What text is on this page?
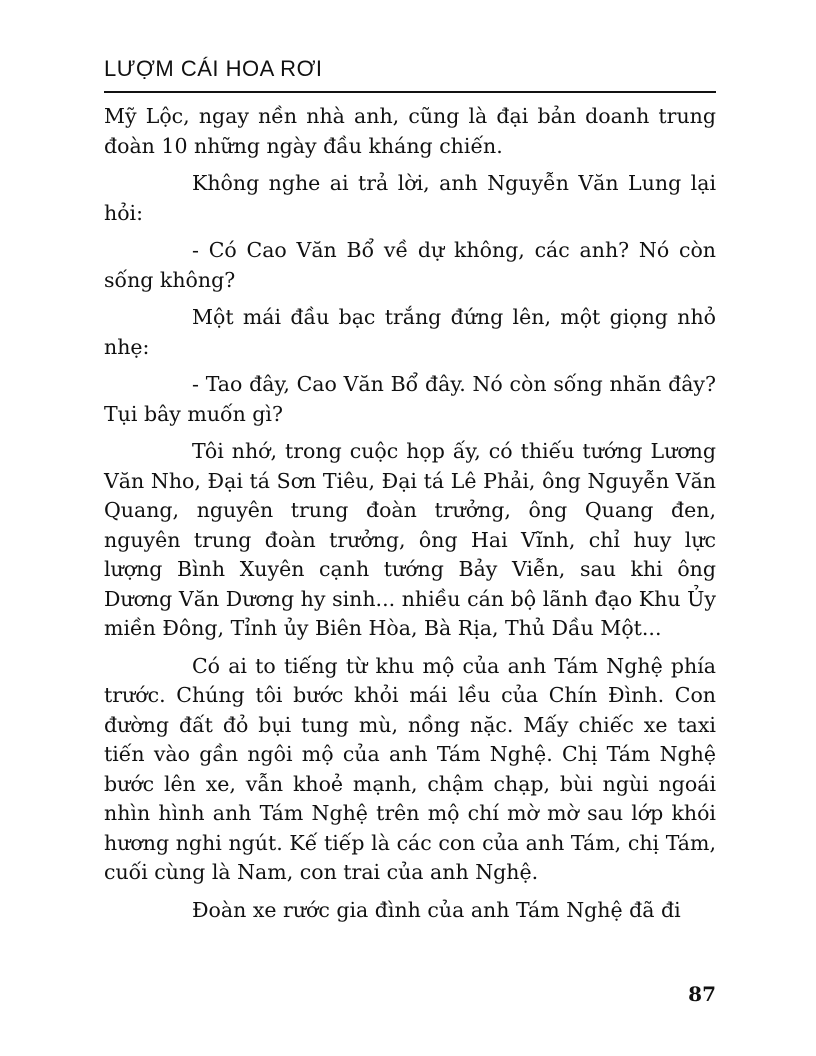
LƯỢM CÁI HOA RƠI

Mỹ Lộc, ngay nền nhà anh, cũng là đại bản doanh trung đoàn 10 những ngày đầu kháng chiến.

Không nghe ai trả lời, anh Nguyễn Văn Lung lại hỏi:

- Có Cao Văn Bổ về dự không, các anh? Nó còn sống không?

Một mái đầu bạc trắng đứng lên, một giọng nhỏ nhẹ:

- Tao đây, Cao Văn Bổ đây. Nó còn sống nhăn đây? Tụi bây muốn gì?

Tôi nhớ, trong cuộc họp ấy, có thiếu tướng Lương Văn Nho, Đại tá Sơn Tiêu, Đại tá Lê Phải, ông Nguyễn Văn Quang, nguyên trung đoàn trưởng, ông Quang đen, nguyên trung đoàn trưởng, ông Hai Vĩnh, chỉ huy lực lượng Bình Xuyên cạnh tướng Bảy Viễn, sau khi ông Dương Văn Dương hy sinh... nhiều cán bộ lãnh đạo Khu Ủy miền Đông, Tỉnh ủy Biên Hòa, Bà Rịa, Thủ Dầu Một...

Có ai to tiếng từ khu mộ của anh Tám Nghệ phía trước. Chúng tôi bước khỏi mái lều của Chín Đình. Con đường đất đỏ bụi tung mù, nồng nặc. Mấy chiếc xe taxi tiến vào gần ngôi mộ của anh Tám Nghệ. Chị Tám Nghệ bước lên xe, vẫn khoẻ mạnh, chậm chạp, bùi ngùi ngoái nhìn hình anh Tám Nghệ trên mộ chí mờ mờ sau lớp khói hương nghi ngút. Kế tiếp là các con của anh Tám, chị Tám, cuối cùng là Nam, con trai của anh Nghệ.

Đoàn xe rước gia đình của anh Tám Nghệ đã đi

87
